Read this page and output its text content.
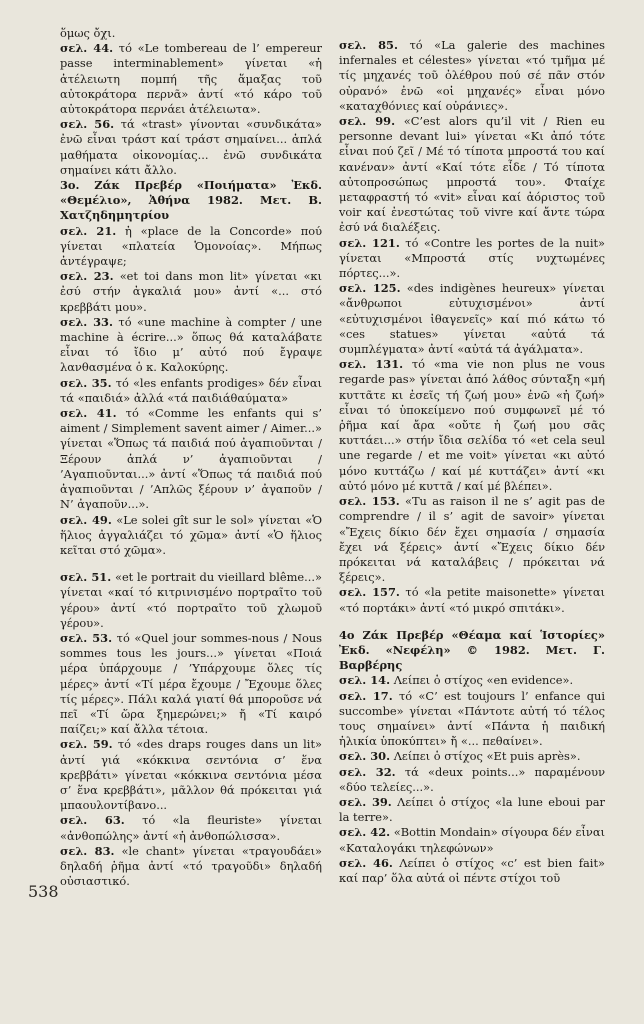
ὅμως ὄχι.

σελ. 44. τό «Le tombereau de l’ empereur passe interminablement» γίνεται «ἡ ἀτέλειωτη πομπή τῆς ἅμαξας τοῦ αὐτοκράτορα περνᾶ» ἀντί «τό κάρο τοῦ αὐτοκράτορα περνάει ἀτέλειωτα».

σελ. 56. τά «trast» γίνονται «συνδικάτα» ἐνῶ εἶναι τράστ καί τράστ σημαίνει... ἁπλά μαθήματα οἰκονομίας... ἐνῶ συνδικάτα σημαίνει κάτι ἄλλο.

3ο. Ζάκ Πρεβέρ «Ποιήματα» Ἐκδ. «Θεμέλιο», Ἀθήνα 1982. Μετ. Β. Χατζηδημητρίου

σελ. 21. ἡ «place de la Concorde» πού γίνεται «πλατεία Ὁμονοίας». Μήπως ἀντέγραψε;

σελ. 23. «et toi dans mon lit» γίνεται «κι ἐσύ στήν ἀγκαλιά μου» ἀντί «... στό κρεββάτι μου».

σελ. 33. τό «une machine à compter / une machine à écrire...» ὅπως θά καταλάβατε εἶναι τό ἴδιο μ’ αὐτό πού ἔγραψε λανθασμένα ὁ κ. Καλοκύρης.

σελ. 35. τό «les enfants prodiges» δέν εἶναι τά «παιδιά» ἀλλά «τά παιδιάθαύματα»

σελ. 41. τό «Comme les enfants qui s’ aiment / Simplement savent aimer / Aimer...» γίνεται «Ὅπως τά παιδιά πού ἀγαπιοῦνται / Ξέρουν ἁπλά ν’ ἀγαπιοῦνται / ’Αγαπιοῦνται...» ἀντί «Ὅπως τά παιδιά πού ἀγαπιοῦνται / ’Απλῶς ξέρουν ν’ ἀγαποῦν / Ν’ ἀγαποῦν...».

σελ. 49. «Le solei gît sur le sol» γίνεται «Ὁ ἥλιος ἀγγαλιάζει τό χῶμα» ἀντί «Ὁ ἥλιος κεῖται στό χῶμα».

σελ. 51. «et le portrait du vieillard blême...» γίνεται «καί τό κιτρινισμένο πορτραῖτο τοῦ γέρου» ἀντί «τό πορτραῖτο τοῦ χλωμοῦ γέρου».

σελ. 53. τό «Quel jour sommes-nous / Nous sommes tous les jours...» γίνεται «Ποιά μέρα ὑπάρχουμε / ’Υπάρχουμε ὅλες τίς μέρες» ἀντί «Τί μέρα ἔχουμε / Ἔχουμε ὅλες τίς μέρες». Πάλι καλά γιατί θά μποροῦσε νά πεῖ «Τί ὥρα ξημερώνει;» ἤ «Τί καιρό παίζει;» καί ἄλλα τέτοια.

σελ. 59. τό «des draps rouges dans un lit» ἀντί γιά «κόκκινα σεντόνια σ’ ἕνα κρεββάτι» γίνεται «κόκκινα σεντόνια μέσα σ’ ἕνα κρεββάτι», μᾶλλον θά πρόκειται γιά μπαουλοντίβανο...

σελ. 63. τό «la fleuriste» γίνεται «ἀνθοπώλης» ἀντί «ἡ ἀνθοπώλισσα».

σελ. 83. «le chant» γίνεται «τραγουδάει» δηλαδή ῥῆμα ἀντί «τό τραγοῦδι» δηλαδή οὐσιαστικό.

σελ. 85. τό «La galerie des machines infernales et célestes» γίνεται «τό τμῆμα μέ τίς μηχανές τοῦ ὀλέθρου πού σέ πᾶν στόν οὐρανό» ἐνῶ «οἱ μηχανές» εἶναι μόνο «καταχθόνιες καί οὐράνιες».

σελ. 99. «C’est alors qu’il vit / Rien eu personne devant lui» γίνεται «Κι ἀπό τότε εἶναι πού ζεῖ / Μέ τό τίποτα μπροστά του καί κανέναν» ἀντί «Καί τότε εἶδε / Τό τίποτα αὐτοπροσώπως μπροστά του». Φταίχε μεταφραστή τό «vit» εἶναι καί ἀόριστος τοῦ voir καί ἐνεστώτας τοῦ vivre καί ἄντε τώρα ἐσύ νά διαλέξεις.

σελ. 121. τό «Contre les portes de la nuit» γίνεται «Μπροστά στίς νυχτωμένες πόρτες...».

σελ. 125. «des indigènes heureux» γίνεται «ἄνθρωποι εὐτυχισμένοι» ἀντί «εὐτυχισμένοι ἰθαγενεῖς» καί πιό κάτω τό «ces statues» γίνεται «αὐτά τά συμπλέγματα» ἀντί «αὐτά τά ἀγάλματα».

σελ. 131. τό «ma vie non plus ne vous regarde pas» γίνεται ἀπό λάθος σύνταξη «μή κυττᾶτε κι ἐσεῖς τή ζωή μου» ἐνῶ «ἡ ζωή» εἶναι τό ὑποκείμενο πού συμφωνεῖ μέ τό ῥῆμα καί ἄρα «οὔτε ἡ ζωή μου σᾶς κυττάει...» στήν ἴδια σελίδα τό «et cela seul une regarde / et me voit» γίνεται «κι αὐτό μόνο κυττάζω / καί μέ κυττάζει» ἀντί «κι αὐτό μόνο μέ κυττᾶ / καί μέ βλέπει».

σελ. 153. «Tu as raison il ne s’ agit pas de comprendre / il s’ agit de savoir» γίνεται «Ἔχεις δίκιο δέν ἔχει σημασία / σημασία ἔχει νά ξέρεις» ἀντί «Ἔχεις δίκιο δέν πρόκειται νά καταλάβεις / πρόκειται νά ξέρεις».

σελ. 157. τό «la petite maisonette» γίνεται «τό πορτάκι» ἀντί «τό μικρό σπιτάκι».

4ο Ζάκ Πρεβέρ «Θέαμα καί Ἱστορίες» Ἐκδ. «Νεφέλη» © 1982. Μετ. Γ. Βαρβέρης

σελ. 14. Λείπει ὁ στίχος «en evidence».

σελ. 17. τό «C’ est toujours l’ enfance qui succombe» γίνεται «Πάντοτε αὐτή τό τέλος τους σημαίνει» ἀντί «Πάντα ἡ παιδική ἡλικία ὑποκύπτει» ἤ «... πεθαίνει».

σελ. 30. Λείπει ὁ στίχος «Et puis après».

σελ. 32. τά «deux points...» παραμένουν «δύο τελείες...».

σελ. 39. Λείπει ὁ στίχος «la lune eboui par la terre».

σελ. 42. «Bottin Mondain» σίγουρα δέν εἶναι «Καταλογάκι τηλεφώνων»

σελ. 46. Λείπει ὁ στίχος «c’ est bien fait» καί παρ’ ὅλα αὐτά οἱ πέντε στίχοι τοῦ

538
